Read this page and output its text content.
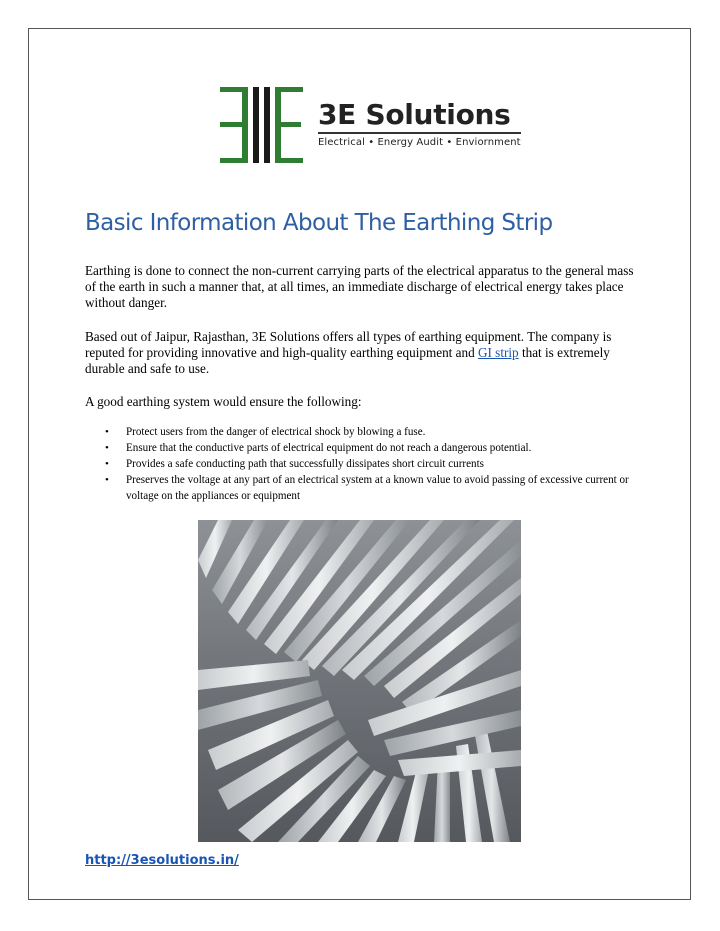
3E Solutions
Electrical • Energy Audit • Enviornment
Basic Information About The Earthing Strip

Earthing is done to connect the non-current carrying parts of the electrical apparatus to the general mass of the earth in such a manner that, at all times, an immediate discharge of electrical energy takes place without danger.

Based out of Jaipur, Rajasthan, 3E Solutions offers all types of earthing equipment. The company is reputed for providing innovative and high-quality earthing equipment and GI strip that is extremely durable and safe to use.

A good earthing system would ensure the following:

• Protect users from the danger of electrical shock by blowing a fuse.
• Ensure that the conductive parts of electrical equipment do not reach a dangerous potential.
• Provides a safe conducting path that successfully dissipates short circuit currents
• Preserves the voltage at any part of an electrical system at a known value to avoid passing of excessive current or voltage on the appliances or equipment
http://3esolutions.in/
